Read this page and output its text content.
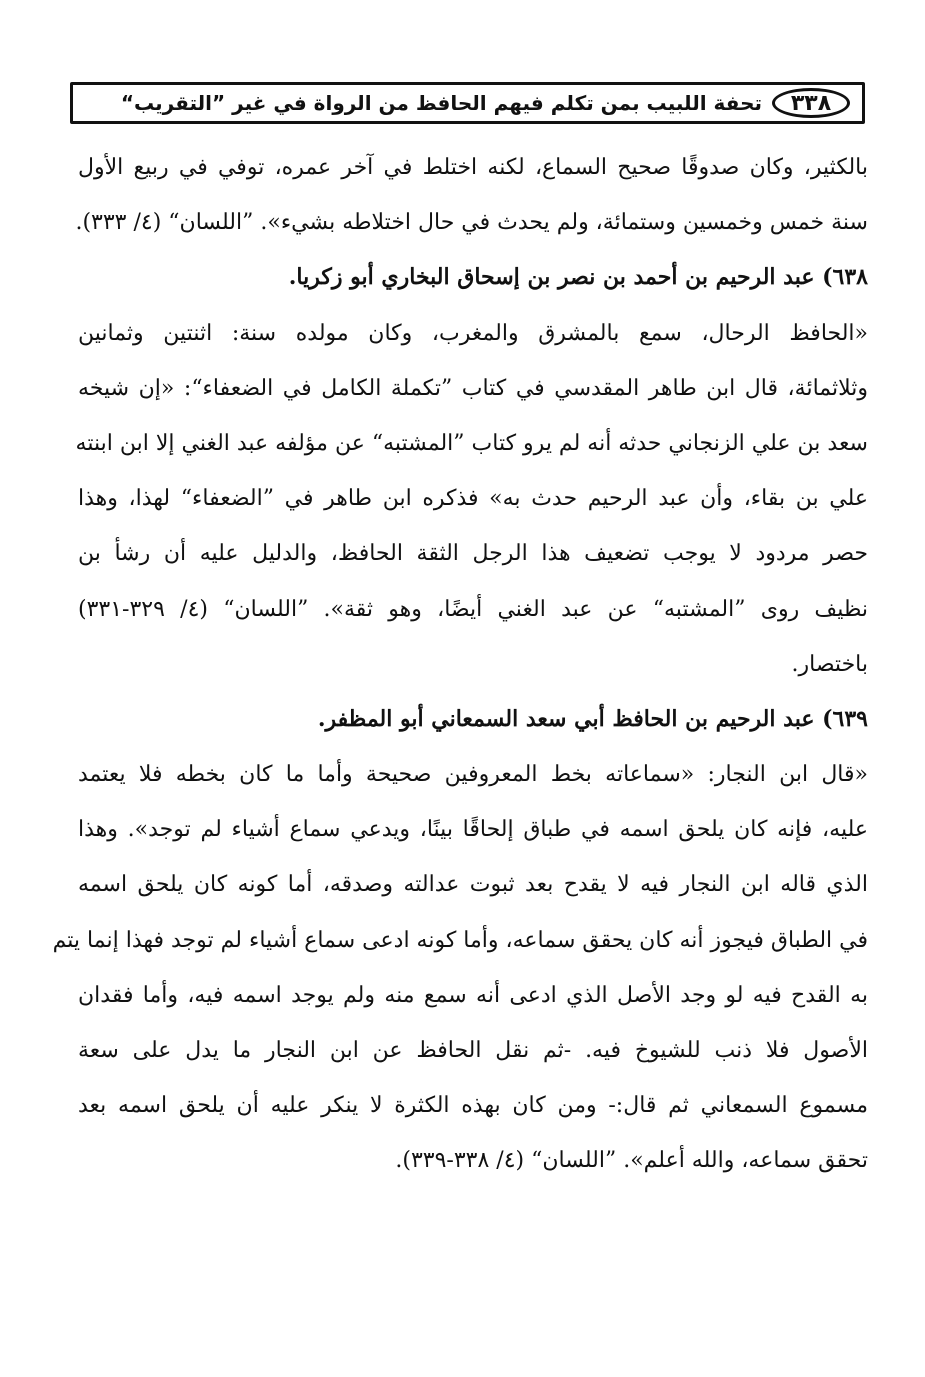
٣٣٨
تحفة اللبيب بمن تكلم فيهم الحافظ من الرواة في غير ”التقريب“
بالكثير، وكان صدوقًا صحيح السماع، لكنه اختلط في آخر عمره، توفي في ربيع الأول
سنة خمس وخمسين وستمائة، ولم يحدث في حال اختلاطه بشيء». ”اللسان“ (٤/ ٣٣٣).
٦٣٨) عبد الرحيم بن أحمد بن نصر بن إسحاق البخاري أبو زكريا.
«الحافظ الرحال، سمع بالمشرق والمغرب، وكان مولده سنة: اثنتين وثمانين
وثلاثمائة، قال ابن طاهر المقدسي في كتاب ”تكملة الكامل في الضعفاء“: «إن شيخه
سعد بن علي الزنجاني حدثه أنه لم يرو كتاب ”المشتبه“ عن مؤلفه عبد الغني إلا ابن ابنته
علي بن بقاء، وأن عبد الرحيم حدث به» فذكره ابن طاهر في ”الضعفاء“ لهذا، وهذا
حصر مردود لا يوجب تضعيف هذا الرجل الثقة الحافظ، والدليل عليه أن رشأ بن
نظيف روى ”المشتبه“ عن عبد الغني أيضًا، وهو ثقة». ”اللسان“ (٤/ ٣٢٩-٣٣١)
باختصار.
٦٣٩) عبد الرحيم بن الحافظ أبي سعد السمعاني أبو المظفر.
«قال ابن النجار: «سماعاته بخط المعروفين صحيحة وأما ما كان بخطه فلا يعتمد
عليه، فإنه كان يلحق اسمه في طباق إلحاقًا بينًا، ويدعي سماع أشياء لم توجد». وهذا
الذي قاله ابن النجار فيه لا يقدح بعد ثبوت عدالته وصدقه، أما كونه كان يلحق اسمه
في الطباق فيجوز أنه كان يحقق سماعه، وأما كونه ادعى سماع أشياء لم توجد فهذا إنما يتم
به القدح فيه لو وجد الأصل الذي ادعى أنه سمع منه ولم يوجد اسمه فيه، وأما فقدان
الأصول فلا ذنب للشيوخ فيه. -ثم نقل الحافظ عن ابن النجار ما يدل على سعة
مسموع السمعاني ثم قال:- ومن كان بهذه الكثرة لا ينكر عليه أن يلحق اسمه بعد
تحقق سماعه، والله أعلم». ”اللسان“ (٤/ ٣٣٨-٣٣٩).
